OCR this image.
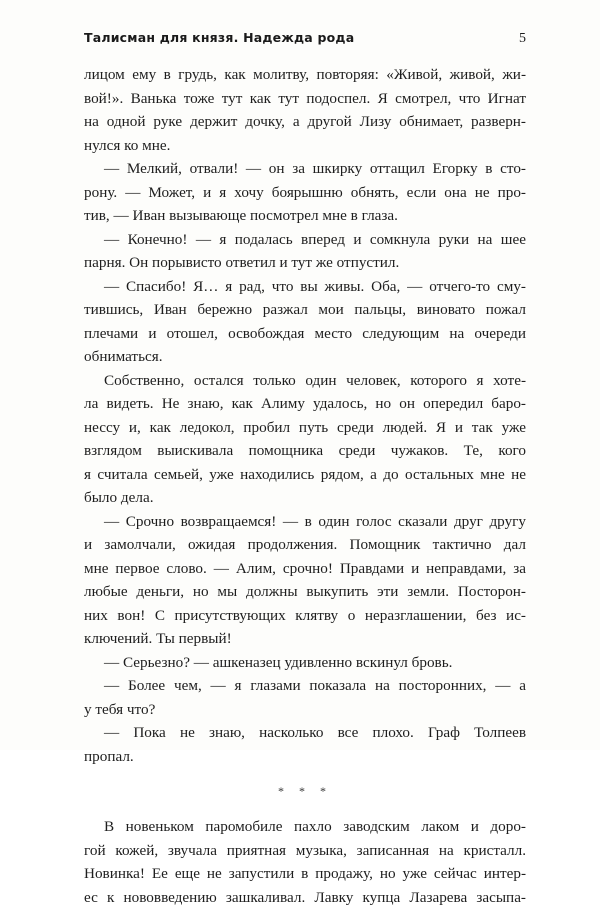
Талисман для князя. Надежда рода	5
лицом ему в грудь, как молитву, повторяя: «Живой, живой, жи-
вой!». Ванька тоже тут как тут подоспел. Я смотрел, что Игнат
на одной руке держит дочку, а другой Лизу обнимает, разверн-
нулся ко мне.
— Мелкий, отвали! — он за шкирку оттащил Егорку в сто-
рону. — Может, и я хочу боярышню обнять, если она не про-
тив, — Иван вызывающе посмотрел мне в глаза.
— Конечно! — я подалась вперед и сомкнула руки на шее
парня. Он порывисто ответил и тут же отпустил.
— Спасибо! Я… я рад, что вы живы. Оба, — отчего-то сму-
тившись, Иван бережно разжал мои пальцы, виновато пожал
плечами и отошел, освобождая место следующим на очереди
обниматься.
Собственно, остался только один человек, которого я хоте-
ла видеть. Не знаю, как Алиму удалось, но он опередил баро-
нессу и, как ледокол, пробил путь среди людей. Я и так уже
взглядом выискивала помощника среди чужаков. Те, кого
я считала семьей, уже находились рядом, а до остальных мне не
было дела.
— Срочно возвращаемся! — в один голос сказали друг другу
и замолчали, ожидая продолжения. Помощник тактично дал
мне первое слово. — Алим, срочно! Правдами и неправдами, за
любые деньги, но мы должны выкупить эти земли. Посторон-
них вон! С присутствующих клятву о неразглашении, без ис-
ключений. Ты первый!
— Серьезно? — ашкеназец удивленно вскинул бровь.
— Более чем, — я глазами показала на посторонних, — а
у тебя что?
— Пока не знаю, насколько все плохо. Граф Толпеев
пропал.
* * *
В новеньком паромобиле пахло заводским лаком и доро-
гой кожей, звучала приятная музыка, записанная на кристалл.
Новинка! Ее еще не запустили в продажу, но уже сейчас интер-
ес к нововведению зашкаливал. Лавку купца Лазарева засыпа-
